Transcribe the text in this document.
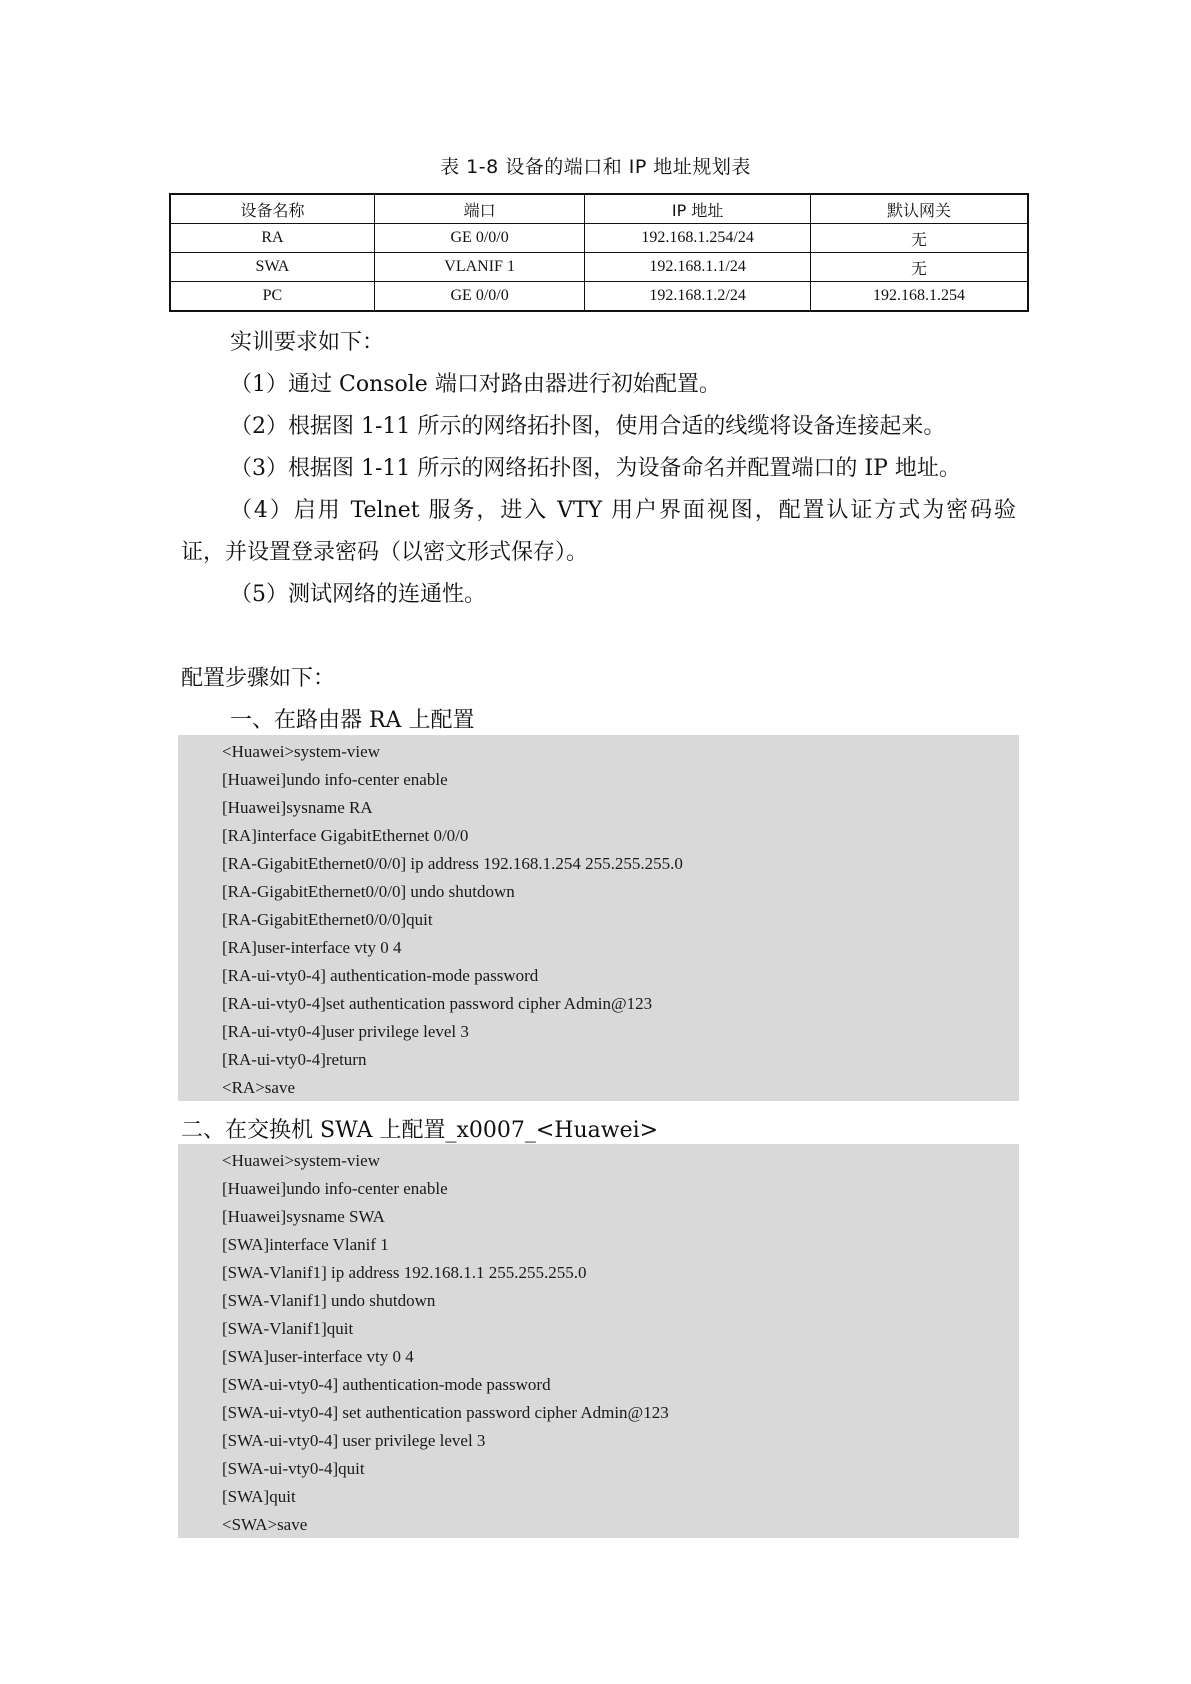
表 1-8 设备的端口和 IP 地址规划表
设备名称	端口	IP 地址	默认网关
RA	GE 0/0/0	192.168.1.254/24	无
SWA	VLANIF 1	192.168.1.1/24	无
PC	GE 0/0/0	192.168.1.2/24	192.168.1.254
实训要求如下：
（1）通过 Console 端口对路由器进行初始配置。
（2）根据图 1-11 所示的网络拓扑图，使用合适的线缆将设备连接起来。
（3）根据图 1-11 所示的网络拓扑图，为设备命名并配置端口的 IP 地址。
（4）启用 Telnet 服务，进入 VTY 用户界面视图，配置认证方式为密码验
证，并设置登录密码（以密文形式保存）。
（5）测试网络的连通性。
配置步骤如下：
一、在路由器 RA 上配置
<Huawei>system-view
[Huawei]undo info-center enable
[Huawei]sysname RA
[RA]interface GigabitEthernet 0/0/0
[RA-GigabitEthernet0/0/0] ip address 192.168.1.254 255.255.255.0
[RA-GigabitEthernet0/0/0] undo shutdown
[RA-GigabitEthernet0/0/0]quit
[RA]user-interface vty 0 4
[RA-ui-vty0-4] authentication-mode password
[RA-ui-vty0-4]set authentication password cipher Admin@123
[RA-ui-vty0-4]user privilege level 3
[RA-ui-vty0-4]return
<RA>save
二、在交换机 SWA 上配置_x0007_<Huawei>
<Huawei>system-view
[Huawei]undo info-center enable
[Huawei]sysname SWA
[SWA]interface Vlanif 1
[SWA-Vlanif1] ip address 192.168.1.1 255.255.255.0
[SWA-Vlanif1] undo shutdown
[SWA-Vlanif1]quit
[SWA]user-interface vty 0 4
[SWA-ui-vty0-4] authentication-mode password
[SWA-ui-vty0-4] set authentication password cipher Admin@123
[SWA-ui-vty0-4] user privilege level 3
[SWA-ui-vty0-4]quit
[SWA]quit
<SWA>save
